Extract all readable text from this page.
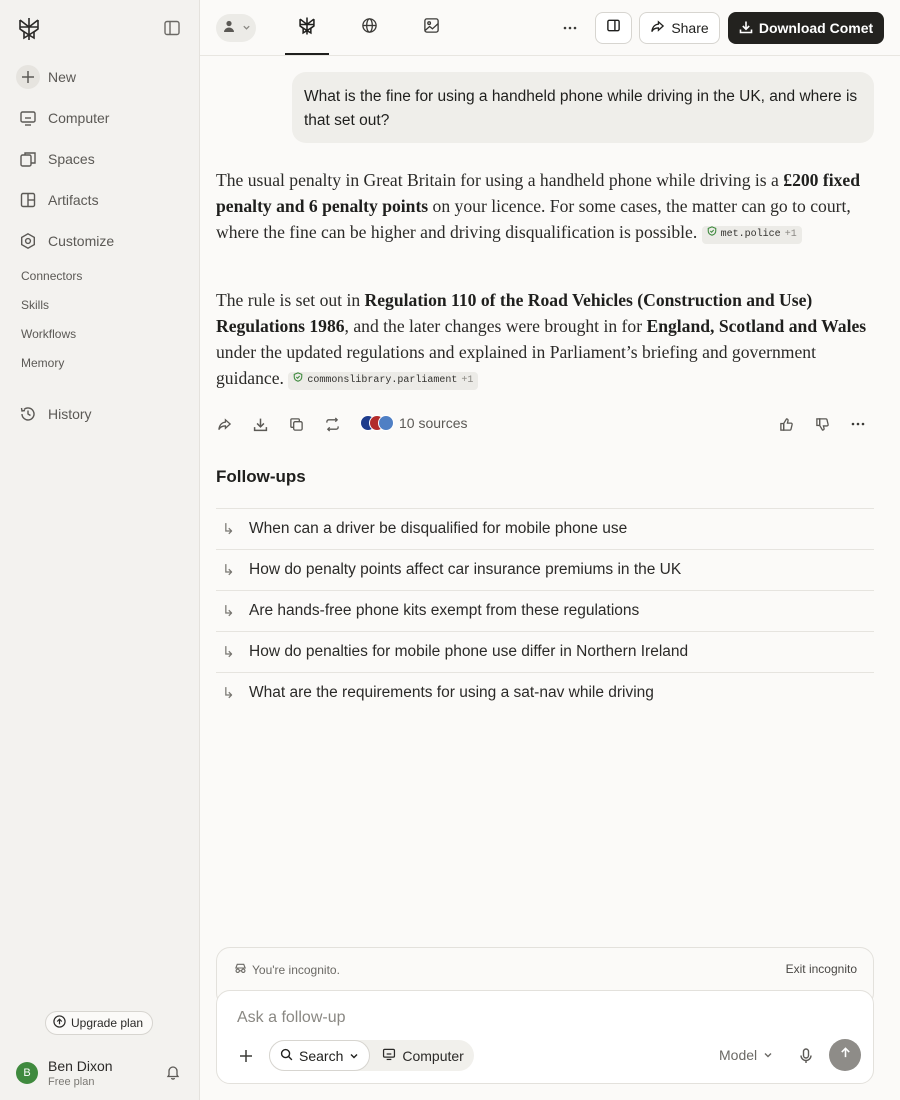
New
Computer
Spaces
Artifacts
Customize
Connectors
Skills
Workflows
Memory
History
Upgrade plan
B	Ben Dixon
Free plan
Share	Download Comet
What is the fine for using a handheld phone while driving in the UK, and where is that set out?
The usual penalty in Great Britain for using a handheld phone while driving is a £200 fixed penalty and 6 penalty points on your licence. For some cases, the matter can go to court, where the fine can be higher and driving disqualification is possible. met.police +1
The rule is set out in Regulation 110 of the Road Vehicles (Construction and Use) Regulations 1986, and the later changes were brought in for England, Scotland and Wales under the updated regulations and explained in Parliament’s briefing and government guidance. commonslibrary.parliament +1
10 sources
Follow-ups
↳ When can a driver be disqualified for mobile phone use
↳ How do penalty points affect car insurance premiums in the UK
↳ Are hands-free phone kits exempt from these regulations
↳ How do penalties for mobile phone use differ in Northern Ireland
↳ What are the requirements for using a sat-nav while driving
You're incognito.	Exit incognito
Ask a follow-up
Search	Computer	Model
